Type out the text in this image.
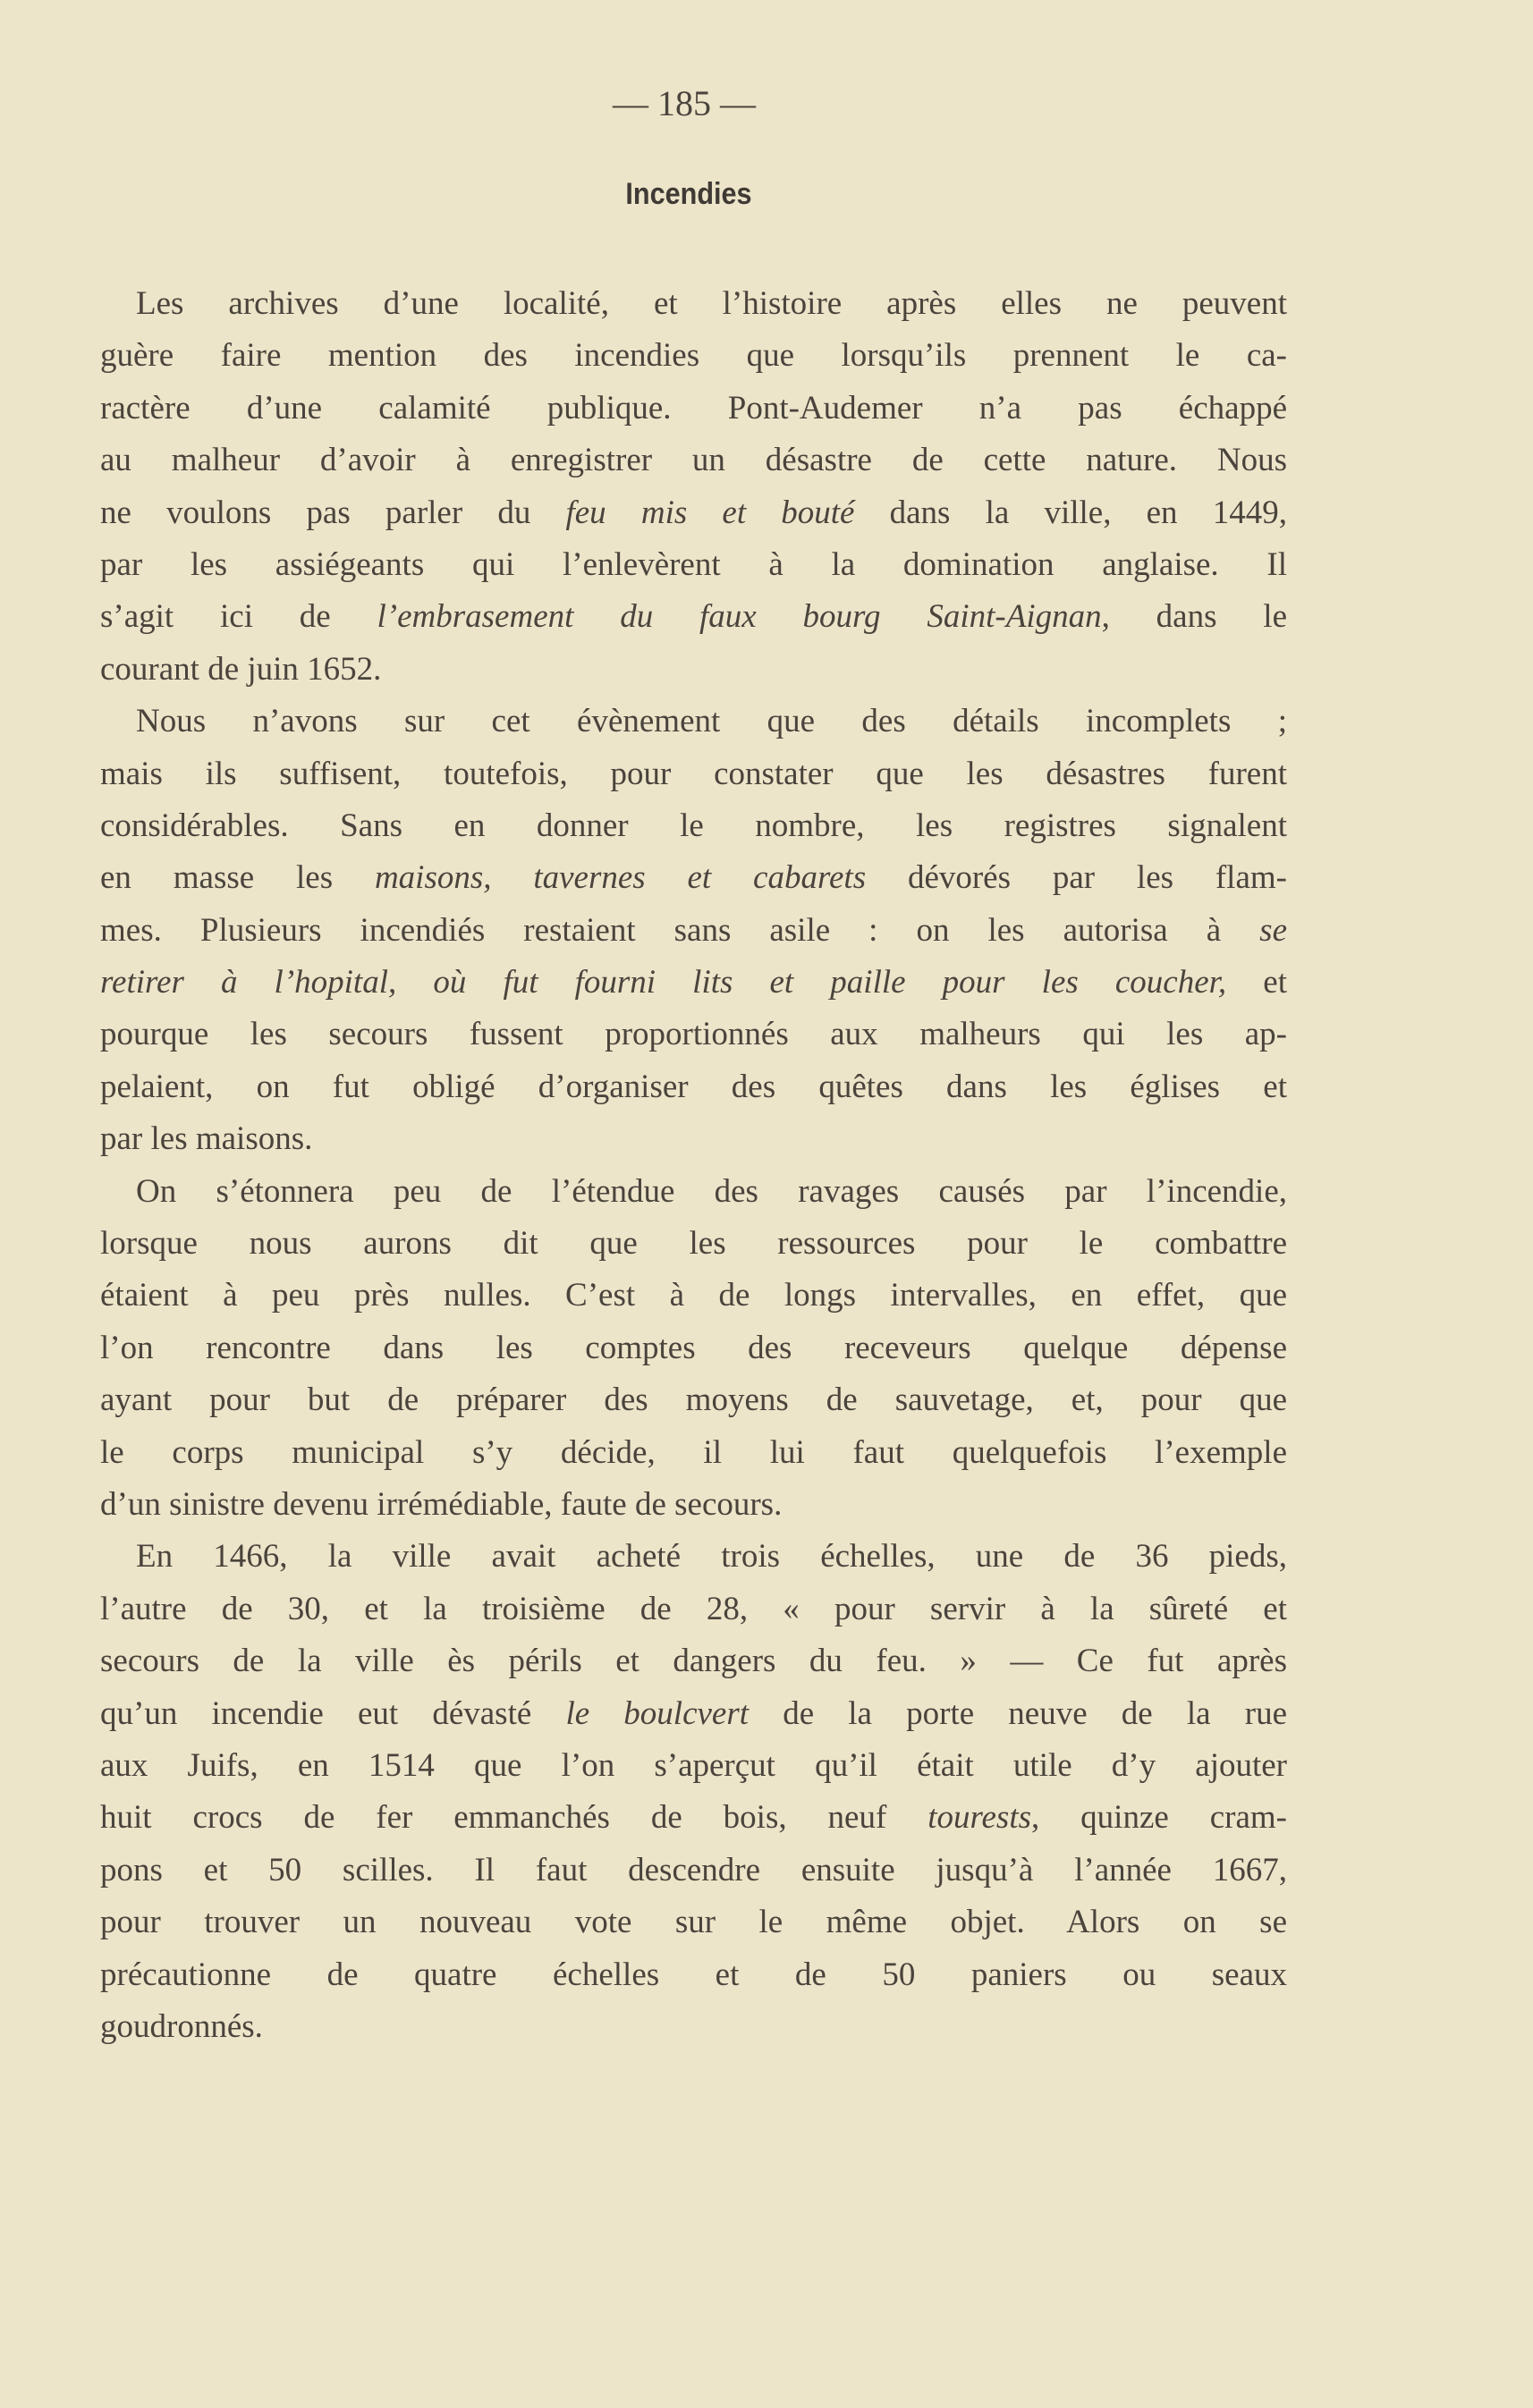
— 185 —
Incendies
Les archives d’une localité, et l’histoire après elles ne peuvent
guère faire mention des incendies que lorsqu’ils prennent le ca-
ractère d’une calamité publique. Pont-Audemer n’a pas échappé
au malheur d’avoir à enregistrer un désastre de cette nature. Nous
ne voulons pas parler du feu mis et bouté dans la ville, en 1449,
par les assiégeants qui l’enlevèrent à la domination anglaise. Il
s’agit ici de l’embrasement du faux bourg Saint-Aignan, dans le
courant de juin 1652.
Nous n’avons sur cet évènement que des détails incomplets ;
mais ils suffisent, toutefois, pour constater que les désastres furent
considérables. Sans en donner le nombre, les registres signalent
en masse les maisons, tavernes et cabarets dévorés par les flam-
mes. Plusieurs incendiés restaient sans asile : on les autorisa à se
retirer à l’hopital, où fut fourni lits et paille pour les coucher, et
pourque les secours fussent proportionnés aux malheurs qui les ap-
pelaient, on fut obligé d’organiser des quêtes dans les églises et
par les maisons.
On s’étonnera peu de l’étendue des ravages causés par l’incendie,
lorsque nous aurons dit que les ressources pour le combattre
étaient à peu près nulles. C’est à de longs intervalles, en effet, que
l’on rencontre dans les comptes des receveurs quelque dépense
ayant pour but de préparer des moyens de sauvetage, et, pour que
le corps municipal s’y décide, il lui faut quelquefois l’exemple
d’un sinistre devenu irrémédiable, faute de secours.
En 1466, la ville avait acheté trois échelles, une de 36 pieds,
l’autre de 30, et la troisième de 28, « pour servir à la sûreté et
secours de la ville ès périls et dangers du feu. » — Ce fut après
qu’un incendie eut dévasté le boulcvert de la porte neuve de la rue
aux Juifs, en 1514 que l’on s’aperçut qu’il était utile d’y ajouter
huit crocs de fer emmanchés de bois, neuf tourests, quinze cram-
pons et 50 scilles. Il faut descendre ensuite jusqu’à l’année 1667,
pour trouver un nouveau vote sur le même objet. Alors on se
précautionne de quatre échelles et de 50 paniers ou seaux
goudronnés.
